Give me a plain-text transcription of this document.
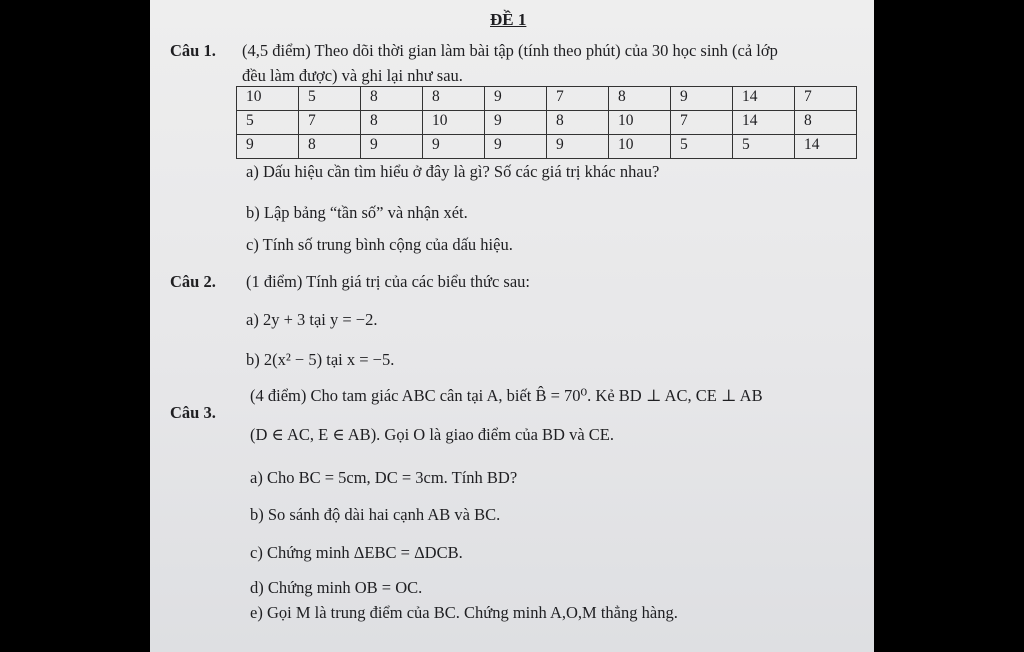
ĐỀ 1
Câu 1. (4,5 điểm) Theo dõi thời gian làm bài tập (tính theo phút) của 30 học sinh (cả lớp
đều làm được) và ghi lại như sau.
10	5	8	8	9	7	8	9	14	7
5	7	8	10	9	8	10	7	14	8
9	8	9	9	9	9	10	5	5	14
a) Dấu hiệu cần tìm hiểu ở đây là gì? Số các giá trị khác nhau?
b) Lập bảng “tần số” và nhận xét.
c) Tính số trung bình cộng của dấu hiệu.
Câu 2. (1 điểm) Tính giá trị của các biểu thức sau:
a) 2y + 3 tại y = −2.
b) 2(x² − 5) tại x = −5.
Câu 3.
(4 điểm) Cho tam giác ABC cân tại A, biết B̂ = 70⁰. Kẻ BD ⊥ AC, CE ⊥ AB
(D ∈ AC, E ∈ AB). Gọi O là giao điểm của BD và CE.
a) Cho BC = 5cm, DC = 3cm. Tính BD?
b) So sánh độ dài hai cạnh AB và BC.
c) Chứng minh ΔEBC = ΔDCB.
d) Chứng minh OB = OC.
e) Gọi M là trung điểm của BC. Chứng minh A,O,M thẳng hàng.
